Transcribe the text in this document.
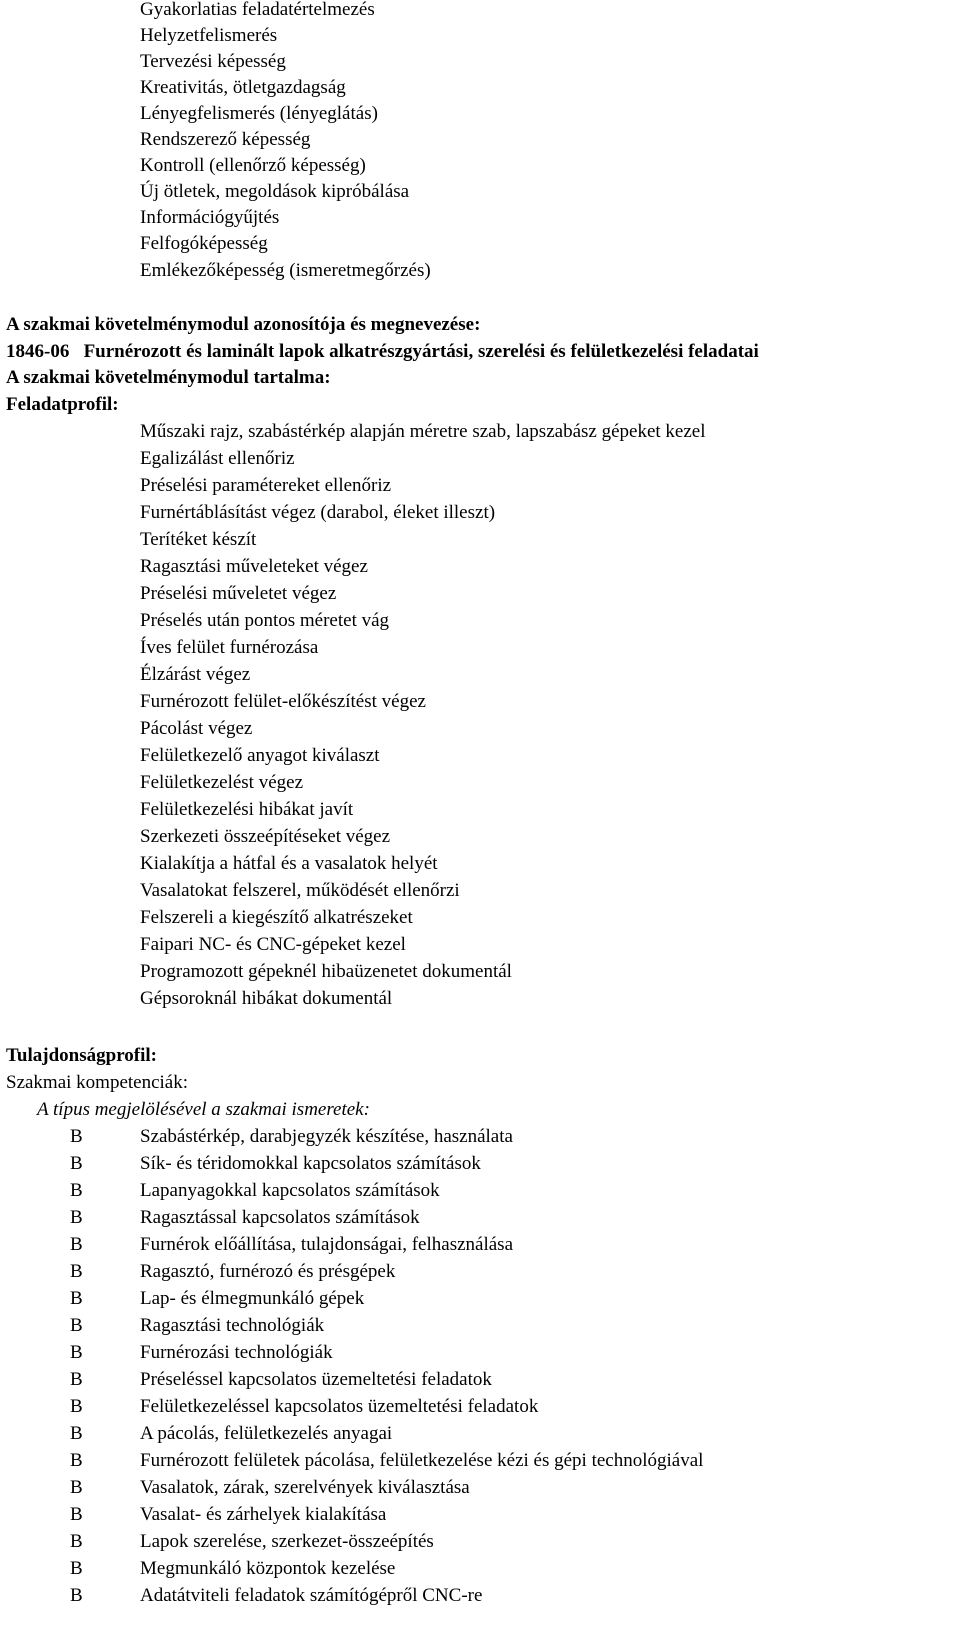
Gyakorlatias feladatértelmezés
Helyzetfelismerés
Tervezési képesség
Kreativitás, ötletgazdagság
Lényegfelismerés (lényeglátás)
Rendszerező képesség
Kontroll (ellenőrző képesség)
Új ötletek, megoldások kipróbálása
Információgyűjtés
Felfogóképesség
Emlékezőképesség (ismeretmegőrzés)
A szakmai követelménymodul azonosítója és megnevezése:
1846-06   Furnérozott és laminált lapok alkatrészgyártási, szerelési és felületkezelési feladatai
A szakmai követelménymodul tartalma:
Feladatprofil:
Műszaki rajz, szabástérkép alapján méretre szab, lapszabász gépeket kezel
Egalizálást ellenőriz
Préselési paramétereket ellenőriz
Furnértáblásítást végez (darabol, éleket illeszt)
Terítéket készít
Ragasztási műveleteket végez
Préselési műveletet végez
Préselés után pontos méretet vág
Íves felület furnérozása
Élzárást végez
Furnérozott felület-előkészítést végez
Pácolást végez
Felületkezelő anyagot kiválaszt
Felületkezelést végez
Felületkezelési hibákat javít
Szerkezeti összeépítéseket végez
Kialakítja a hátfal és a vasalatok helyét
Vasalatokat felszerel, működését ellenőrzi
Felszereli a kiegészítő alkatrészeket
Faipari NC- és CNC-gépeket kezel
Programozott gépeknél hibaüzenetet dokumentál
Gépsoroknál hibákat dokumentál
Tulajdonságprofil:
Szakmai kompetenciák:
A típus megjelölésével a szakmai ismeretek:
B	Szabástérkép, darabjegyzék készítése, használata
B	Sík- és téridomokkal kapcsolatos számítások
B	Lapanyagokkal kapcsolatos számítások
B	Ragasztással kapcsolatos számítások
B	Furnérok előállítása, tulajdonságai, felhasználása
B	Ragasztó, furnérozó és présgépek
B	Lap- és élmegmunkáló gépek
B	Ragasztási technológiák
B	Furnérozási technológiák
B	Préseléssel kapcsolatos üzemeltetési feladatok
B	Felületkezeléssel kapcsolatos üzemeltetési feladatok
B	A pácolás, felületkezelés anyagai
B	Furnérozott felületek pácolása, felületkezelése kézi és gépi technológiával
B	Vasalatok, zárak, szerelvények kiválasztása
B	Vasalat- és zárhelyek kialakítása
B	Lapok szerelése, szerkezet-összeépítés
B	Megmunkáló központok kezelése
B	Adatátviteli feladatok számítógépről CNC-re
